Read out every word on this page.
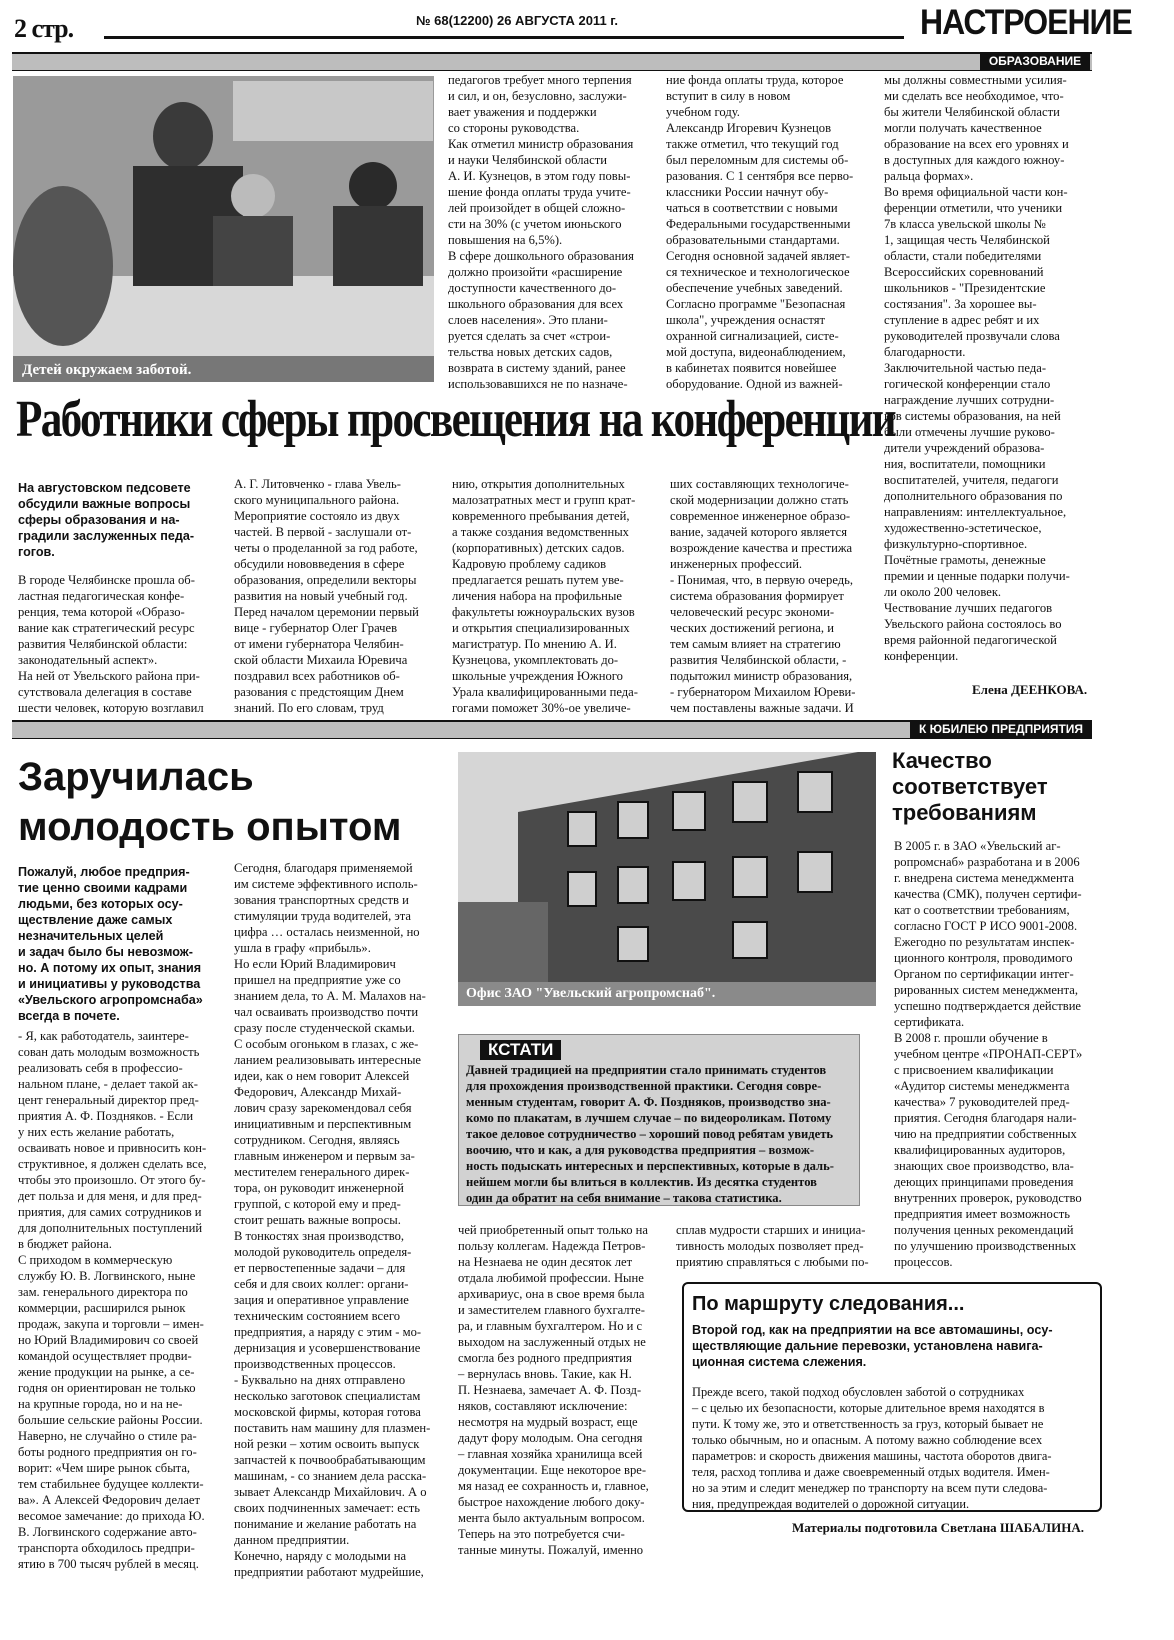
2 стр.	№ 68(12200) 26 АВГУСТА 2011 г.	НАСТРОЕНИЕ
ОБРАЗОВАНИЕ
Детей окружаем заботой.

педагогов требует много терпения
и сил, и он, безусловно, заслужи-
вает уважения и поддержки
со стороны руководства.
Как отметил министр образования
и науки Челябинской области
А. И. Кузнецов, в этом году повы-
шение фонда оплаты труда учите-
лей произойдет в общей сложно-
сти на 30% (с учетом июньского
повышения на 6,5%).
В сфере дошкольного образования
должно произойти «расширение
доступности качественного до-
школьного образования для всех
слоев населения». Это плани-
руется сделать за счет «строи-
тельства новых детских садов,
возврата в систему зданий, ранее
использовавшихся не по назначе-

ние фонда оплаты труда, которое
вступит в силу в новом
учебном году.
Александр Игоревич Кузнецов
также отметил, что текущий год
был переломным для системы об-
разования. С 1 сентября все перво-
классники России начнут обу-
чаться в соответствии с новыми
Федеральными государственными
образовательными стандартами.
Сегодня основной задачей являет-
ся техническое и технологическое
обеспечение учебных заведений.
Согласно программе "Безопасная
школа", учреждения оснастят
охранной сигнализацией, систе-
мой доступа, видеонаблюдением,
в кабинетах появится новейшее
оборудование. Одной из важней-

мы должны совместными усилия-
ми сделать все необходимое, что-
бы жители Челябинской области
могли получать качественное
образование на всех его уровнях и
в доступных для каждого южноу-
ральца формах».
Во время официальной части кон-
ференции отметили, что ученики
7в класса увельской школы №
1, защищая честь Челябинской
области, стали победителями
Всероссийских соревнований
школьников - "Президентские
состязания". За хорошее вы-
ступление в адрес ребят и их
руководителей прозвучали слова
благодарности.
Заключительной частью педа-
гогической конференции стало
награждение лучших сотрудни-
ков системы образования, на ней
были отмечены лучшие руково-
дители учреждений образова-
ния, воспитатели, помощники
воспитателей, учителя, педагоги
дополнительного образования по
направлениям: интеллектуальное,
художественно-эстетическое,
физкультурно-спортивное.
Почётные грамоты, денежные
премии и ценные подарки получи-
ли около 200 человек.
Чествование лучших педагогов
Увельского района состоялось во
время районной педагогической
конференции.

Работники сферы просвещения на конференции

На августовском педсовете
обсудили важные вопросы
сферы образования и на-
градили заслуженных педа-
гогов.

В городе Челябинске прошла об-
ластная педагогическая конфе-
ренция, тема которой «Образо-
вание как стратегический ресурс
развития Челябинской области:
законодательный аспект».
На ней от Увельского района при-
сутствовала делегация в составе
шести человек, которую возглавил

А. Г. Литовченко - глава Увель-
ского муниципального района.
Мероприятие состояло из двух
частей. В первой - заслушали от-
четы о проделанной за год работе,
обсудили нововведения в сфере
образования, определили векторы
развития на новый учебный год.
Перед началом церемонии первый
вице - губернатор Олег Грачев
от имени губернатора Челябин-
ской области Михаила Юревича
поздравил всех работников об-
разования с предстоящим Днем
знаний. По его словам, труд

нию, открытия дополнительных
малозатратных мест и групп крат-
ковременного пребывания детей,
а также создания ведомственных
(корпоративных) детских садов.
Кадровую проблему садиков
предлагается решать путем уве-
личения набора на профильные
факультеты южноуральских вузов
и открытия специализированных
магистратур. По мнению А. И.
Кузнецова, укомплектовать до-
школьные учреждения Южного
Урала квалифицированными педа-
гогами поможет 30%-ое увеличе-

ших составляющих технологиче-
ской модернизации должно стать
современное инженерное образо-
вание, задачей которого является
возрождение качества и престижа
инженерных профессий.
- Понимая, что, в первую очередь,
система образования формирует
человеческий ресурс экономи-
ческих достижений региона, и
тем самым влияет на стратегию
развития Челябинской области, -
подытожил министр образования,
- губернатором Михаилом Юреви-
чем поставлены важные задачи. И

Елена ДЕЕНКОВА.
К ЮБИЛЕЮ ПРЕДПРИЯТИЯ
Заручилась
молодость опытом

Пожалуй, любое предприя-
тие ценно своими кадрами
людьми, без которых осу-
ществление даже самых
незначительных целей
и задач было бы невозмож-
но. А потому их опыт, знания
и инициативы у руководства
«Увельского агропромснаба»
всегда в почете.

- Я, как работодатель, заинтере-
сован дать молодым возможность
реализовать себя в профессио-
нальном плане, - делает такой ак-
цент генеральный директор пред-
приятия А. Ф. Поздняков. - Если
у них есть желание работать,
осваивать новое и привносить кон-
структивное, я должен сделать все,
чтобы это произошло. От этого бу-
дет польза и для меня, и для пред-
приятия, для самих сотрудников и
для дополнительных поступлений
в бюджет района.
С приходом в коммерческую
службу Ю. В. Логвинского, ныне
зам. генерального директора по
коммерции, расширился рынок
продаж, закупа и торговли – имен-
но Юрий Владимирович со своей
командой осуществляет продви-
жение продукции на рынке, а се-
годня он ориентирован не только
на крупные города, но и на не-
большие сельские районы России.
Наверно, не случайно о стиле ра-
боты родного предприятия он го-
ворит: «Чем шире рынок сбыта,
тем стабильнее будущее коллекти-
ва». А Алексей Федорович делает
весомое замечание: до прихода Ю.
В. Логвинского содержание авто-
транспорта обходилось предпри-
ятию в 700 тысяч рублей в месяц.

Сегодня, благодаря применяемой
им системе эффективного исполь-
зования транспортных средств и
стимуляции труда водителей, эта
цифра … осталась неизменной, но
ушла в графу «прибыль».
Но если Юрий Владимирович
пришел на предприятие уже со
знанием дела, то А. М. Малахов на-
чал осваивать производство почти
сразу после студенческой скамьи.
С особым огоньком в глазах, с же-
ланием реализовывать интересные
идеи, как о нем говорит Алексей
Федорович, Александр Михай-
лович сразу зарекомендовал себя
инициативным и перспективным
сотрудником. Сегодня, являясь
главным инженером и первым за-
местителем генерального дирек-
тора, он руководит инженерной
группой, с которой ему и пред-
стоит решать важные вопросы.
В тонкостях зная производство,
молодой руководитель определя-
ет первостепенные задачи – для
себя и для своих коллег: органи-
зация и оперативное управление
техническим состоянием всего
предприятия, а наряду с этим - мо-
дернизация и усовершенствование
производственных процессов.
- Буквально на днях отправлено
несколько заготовок специалистам
московской фирмы, которая готова
поставить нам машину для плазмен-
ной резки – хотим освоить выпуск
запчастей к почвообрабатывающим
машинам, - со знанием дела расска-
зывает Александр Михайлович. А о
своих подчиненных замечает: есть
понимание и желание работать на
данном предприятии.
Конечно, наряду с молодыми на
предприятии работают мудрейшие,

Офис ЗАО "Увельский агропромснаб".
КСТАТИ

Давней традицией на предприятии стало принимать студентов
для прохождения производственной практики. Сегодня совре-
менным студентам, говорит А. Ф. Поздняков, производство зна-
комо по плакатам, в лучшем случае – по видеороликам. Потому
такое деловое сотрудничество – хороший повод ребятам увидеть
воочию, что и как, а для руководства предприятия – возмож-
ность подыскать интересных и перспективных, которые в даль-
нейшем могли бы влиться в коллектив. Из десятка студентов
один да обратит на себя внимание – такова статистика.

чей приобретенный опыт только на
пользу коллегам. Надежда Петров-
на Незнаева не один десяток лет
отдала любимой профессии. Ныне
архивариус, она в свое время была
и заместителем главного бухгалте-
ра, и главным бухгалтером. Но и с
выходом на заслуженный отдых не
смогла без родного предприятия
– вернулась вновь. Такие, как Н.
П. Незнаева, замечает А. Ф. Позд-
няков, составляют исключение:
несмотря на мудрый возраст, еще
дадут фору молодым. Она сегодня
– главная хозяйка хранилища всей
документации. Еще некоторое вре-
мя назад ее сохранность и, главное,
быстрое нахождение любого доку-
мента было актуальным вопросом.
Теперь на это потребуется счи-
танные минуты. Пожалуй, именно

сплав мудрости старших и инициа-
тивность молодых позволяет пред-
приятию справляться с любыми по-

Качество
соответствует
требованиям

В 2005 г. в ЗАО «Увельский аг-
ропромснаб» разработана и в 2006
г. внедрена система менеджмента
качества (СМК), получен сертифи-
кат о соответствии требованиям,
согласно ГОСТ Р ИСО 9001-2008.
Ежегодно по результатам инспек-
ционного контроля, проводимого
Органом по сертификации интег-
рированных систем менеджмента,
успешно подтверждается действие
сертификата.
В 2008 г. прошли обучение в
учебном центре «ПРОНАП-СЕРТ»
с присвоением квалификации
«Аудитор системы менеджмента
качества» 7 руководителей пред-
приятия. Сегодня благодаря нали-
чию на предприятии собственных
квалифицированных аудиторов,
знающих свое производство, вла-
деющих принципами проведения
внутренних проверок, руководство
предприятия имеет возможность
получения ценных рекомендаций
по улучшению производственных
процессов.

По маршруту следования...

Второй год, как на предприятии на все автомашины, осу-
ществляющие дальние перевозки, установлена навига-
ционная система слежения.

Прежде всего, такой подход обусловлен заботой о сотрудниках
– с целью их безопасности, которые длительное время находятся в
пути. К тому же, это и ответственность за груз, который бывает не
только обычным, но и опасным. А потому важно соблюдение всех
параметров: и скорость движения машины, частота оборотов двига-
теля, расход топлива и даже своевременный отдых водителя. Имен-
но за этим и следит менеджер по транспорту на всем пути следова-
ния, предупреждая водителей о дорожной ситуации.

Материалы подготовила Светлана ШАБАЛИНА.
